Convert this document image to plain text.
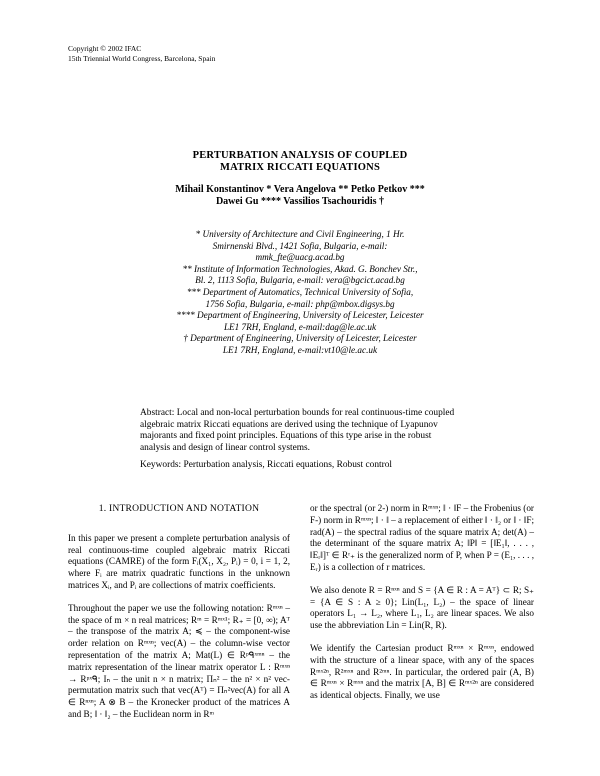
Copyright © 2002 IFAC
15th Triennial World Congress, Barcelona, Spain
PERTURBATION ANALYSIS OF COUPLED
MATRIX RICCATI EQUATIONS
Mihail Konstantinov * Vera Angelova ** Petko Petkov ***
Dawei Gu **** Vassilios Tsachouridis †
* University of Architecture and Civil Engineering, 1 Hr.
Smirnenski Blvd., 1421 Sofia, Bulgaria, e-mail:
mmk_fte@uacg.acad.bg
** Institute of Information Technologies, Akad. G. Bonchev Str.,
Bl. 2, 1113 Sofia, Bulgaria, e-mail: vera@bgcict.acad.bg
*** Department of Automatics, Technical University of Sofia,
1756 Sofia, Bulgaria, e-mail: php@mbox.digsys.bg
**** Department of Engineering, University of Leicester, Leicester
LE1 7RH, England, e-mail:dag@le.ac.uk
† Department of Engineering, University of Leicester, Leicester
LE1 7RH, England, e-mail:vt10@le.ac.uk
Abstract: Local and non-local perturbation bounds for real continuous-time coupled algebraic matrix Riccati equations are derived using the technique of Lyapunov majorants and fixed point principles. Equations of this type arise in the robust analysis and design of linear control systems.
Keywords: Perturbation analysis, Riccati equations, Robust control
1. INTRODUCTION AND NOTATION

In this paper we present a complete perturbation analysis of real continuous-time coupled algebraic matrix Riccati equations (CAMRE) of the form Fᵢ(X₁, X₂, Pᵢ) = 0, i = 1, 2, where Fᵢ are matrix quadratic functions in the unknown matrices Xᵢ, and Pᵢ are collections of matrix coefficients.

Throughout the paper we use the following notation: Rᵐˣⁿ – the space of m × n real matrices; Rᵐ = Rᵐˣ¹; R₊ = [0, ∞); Aᵀ – the transpose of the matrix A; ≼ – the component-wise order relation on Rᵐˣⁿ; vec(A) – the column-wise vector representation of the matrix A; Mat(L) ∈ Rᵖᑫˣᵐⁿ – the matrix representation of the linear matrix operator L : Rᵐˣⁿ → Rᵖˣᑫ; Iₙ – the unit n × n matrix; Πₙ² – the n² × n² vec-permutation matrix such that vec(Aᵀ) = Πₙ²vec(A) for all A ∈ Rⁿˣⁿ; A ⊗ B – the Kronecker product of the matrices A and B; ‖ · ‖₂ – the Euclidean norm in Rᵐ

or the spectral (or 2-) norm in Rᵐˣⁿ; ‖ · ‖F – the Frobenius (or F-) norm in Rᵐˣⁿ; ‖ · ‖ – a replacement of either ‖ · ‖₂ or ‖ · ‖F; rad(A) – the spectral radius of the square matrix A; det(A) – the determinant of the square matrix A; ‖P‖ = [‖E₁‖, . . . , ‖Eᵣ‖]ᵀ ∈ Rʳ₊ is the generalized norm of P, when P = (E₁, . . . , Eᵣ) is a collection of r matrices.

We also denote R = Rⁿˣⁿ and S = {A ∈ R : A = Aᵀ} ⊂ R; S₊ = {A ∈ S : A ≥ 0}; Lin(L₁, L₂) – the space of linear operators L₁ → L₂, where L₁, L₂ are linear spaces. We also use the abbreviation Lin = Lin(R, R).

We identify the Cartesian product Rᵐˣⁿ × Rᵐˣⁿ, endowed with the structure of a linear space, with any of the spaces Rᵐˣ²ⁿ, R²ᵐˣⁿ and R²ᵐⁿ. In particular, the ordered pair (A, B) ∈ Rᵐˣⁿ × Rᵐˣⁿ and the matrix [A, B] ∈ Rᵐˣ²ⁿ are considered as identical objects. Finally, we use
